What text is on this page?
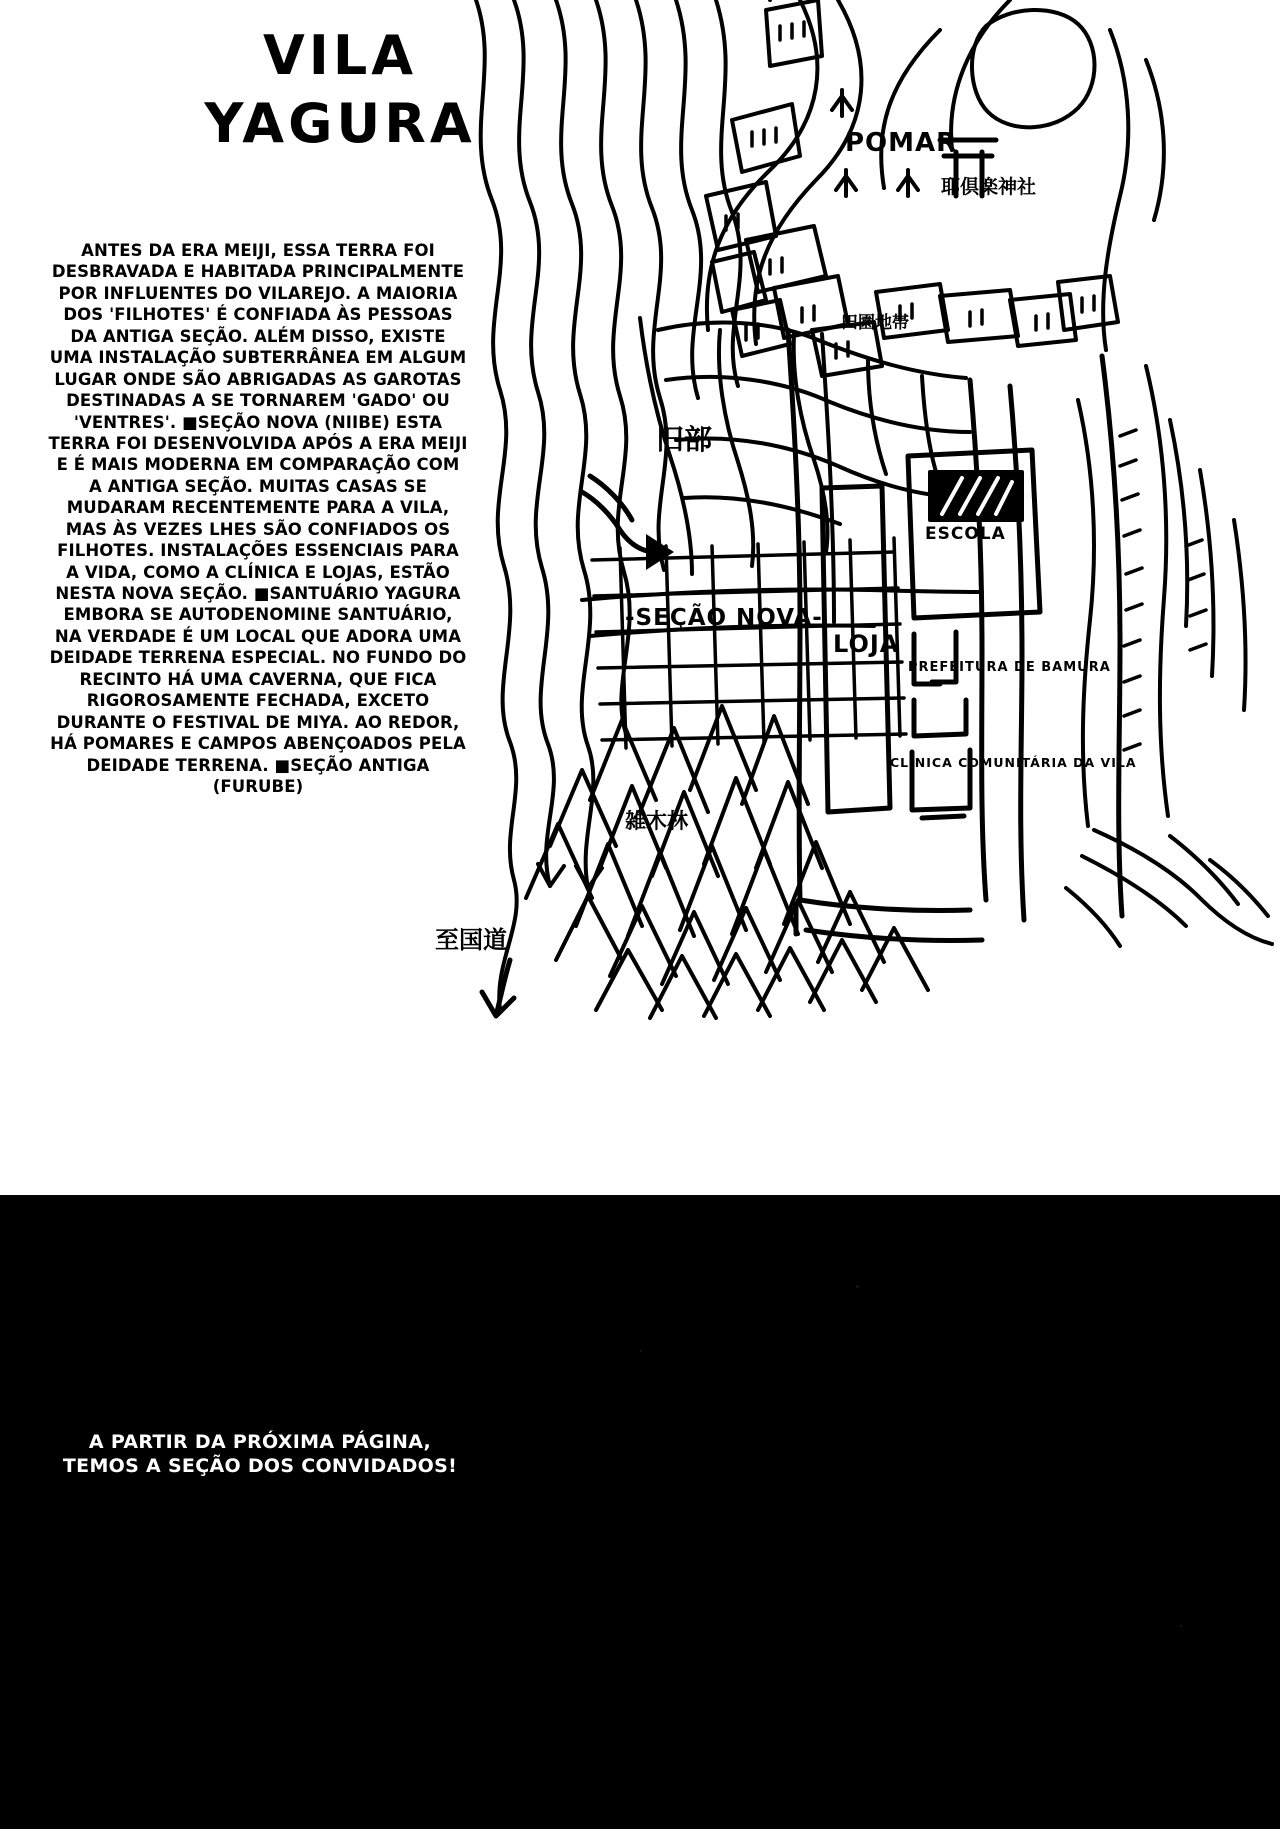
VILA
YAGURA
ANTES DA ERA MEIJI, ESSA TERRA FOI DESBRAVADA E HABITADA PRINCIPALMENTE POR INFLUENTES DO VILAREJO. A MAIORIA DOS 'FILHOTES' É CONFIADA ÀS PESSOAS DA ANTIGA SEÇÃO. ALÉM DISSO, EXISTE UMA INSTALAÇÃO SUBTERRÂNEA EM ALGUM LUGAR ONDE SÃO ABRIGADAS AS GAROTAS DESTINADAS A SE TORNAREM 'GADO' OU 'VENTRES'. ■SEÇÃO NOVA (NIIBE) ESTA TERRA FOI DESENVOLVIDA APÓS A ERA MEIJI E É MAIS MODERNA EM COMPARAÇÃO COM A ANTIGA SEÇÃO. MUITAS CASAS SE MUDARAM RECENTEMENTE PARA A VILA, MAS ÀS VEZES LHES SÃO CONFIADOS OS FILHOTES. INSTALAÇÕES ESSENCIAIS PARA A VIDA, COMO A CLÍNICA E LOJAS, ESTÃO NESTA NOVA SEÇÃO. ■SANTUÁRIO YAGURA EMBORA SE AUTODENOMINE SANTUÁRIO, NA VERDADE É UM LOCAL QUE ADORA UMA DEIDADE TERRENA ESPECIAL. NO FUNDO DO RECINTO HÁ UMA CAVERNA, QUE FICA RIGOROSAMENTE FECHADA, EXCETO DURANTE O FESTIVAL DE MIYA. AO REDOR, HÁ POMARES E CAMPOS ABENÇOADOS PELA DEIDADE TERRENA. ■SEÇÃO ANTIGA (FURUBE)
POMAR
耶倶楽神社
田園地帯
旧部
ESCOLA
LOJA
PREFEITURA DE BAMURA
CLÍNICA COMUNITÁRIA DA VILA
-SEÇÃO NOVA-
雑木林
至国道
A PARTIR DA PRÓXIMA PÁGINA,
TEMOS A SEÇÃO DOS CONVIDADOS!
